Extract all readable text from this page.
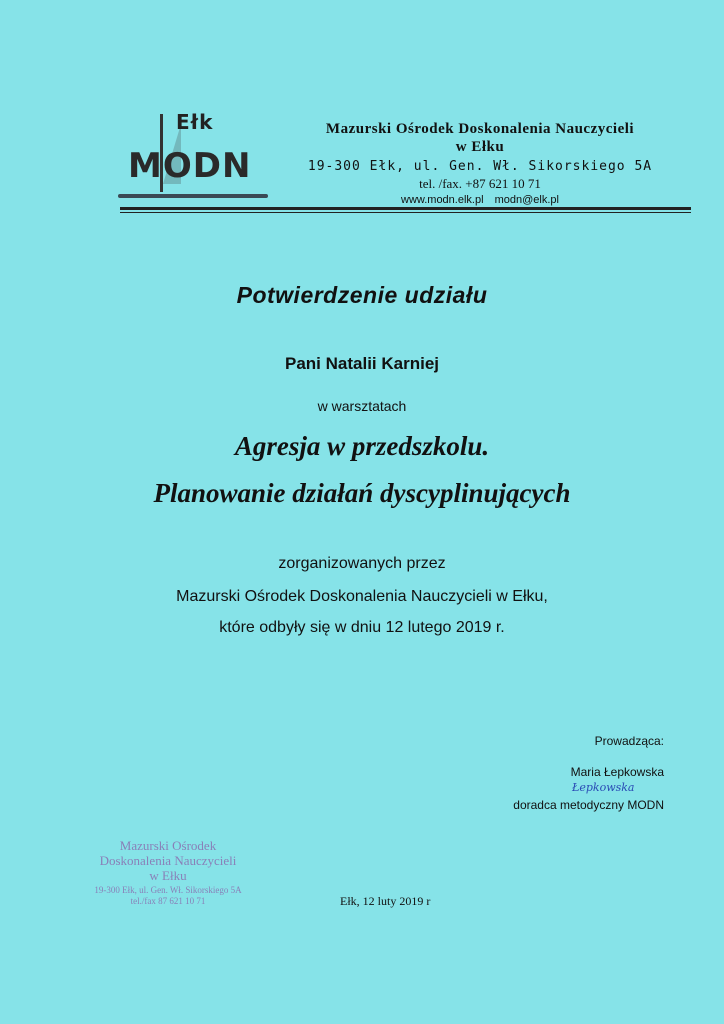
Ełk
MODN
Mazurski Ośrodek Doskonalenia Nauczycieli
w Ełku
19-300 Ełk, ul. Gen. Wł. Sikorskiego 5A
tel. /fax. +87 621 10 71
www.modn.elk.pl modn@elk.pl
Potwierdzenie udziału
Pani Natalii Karniej
w warsztatach
Agresja w przedszkolu.
Planowanie działań dyscyplinujących
zorganizowanych przez
Mazurski Ośrodek Doskonalenia Nauczycieli w Ełku,
które odbyły się w dniu 12 lutego 2019 r.
Prowadząca:
Maria Łepkowska
Łepkowska
doradca metodyczny MODN
Mazurski Ośrodek
Doskonalenia Nauczycieli
w Ełku
19-300 Ełk, ul. Gen. Wł. Sikorskiego 5A
tel./fax 87 621 10 71	Ełk, 12 luty 2019 r
